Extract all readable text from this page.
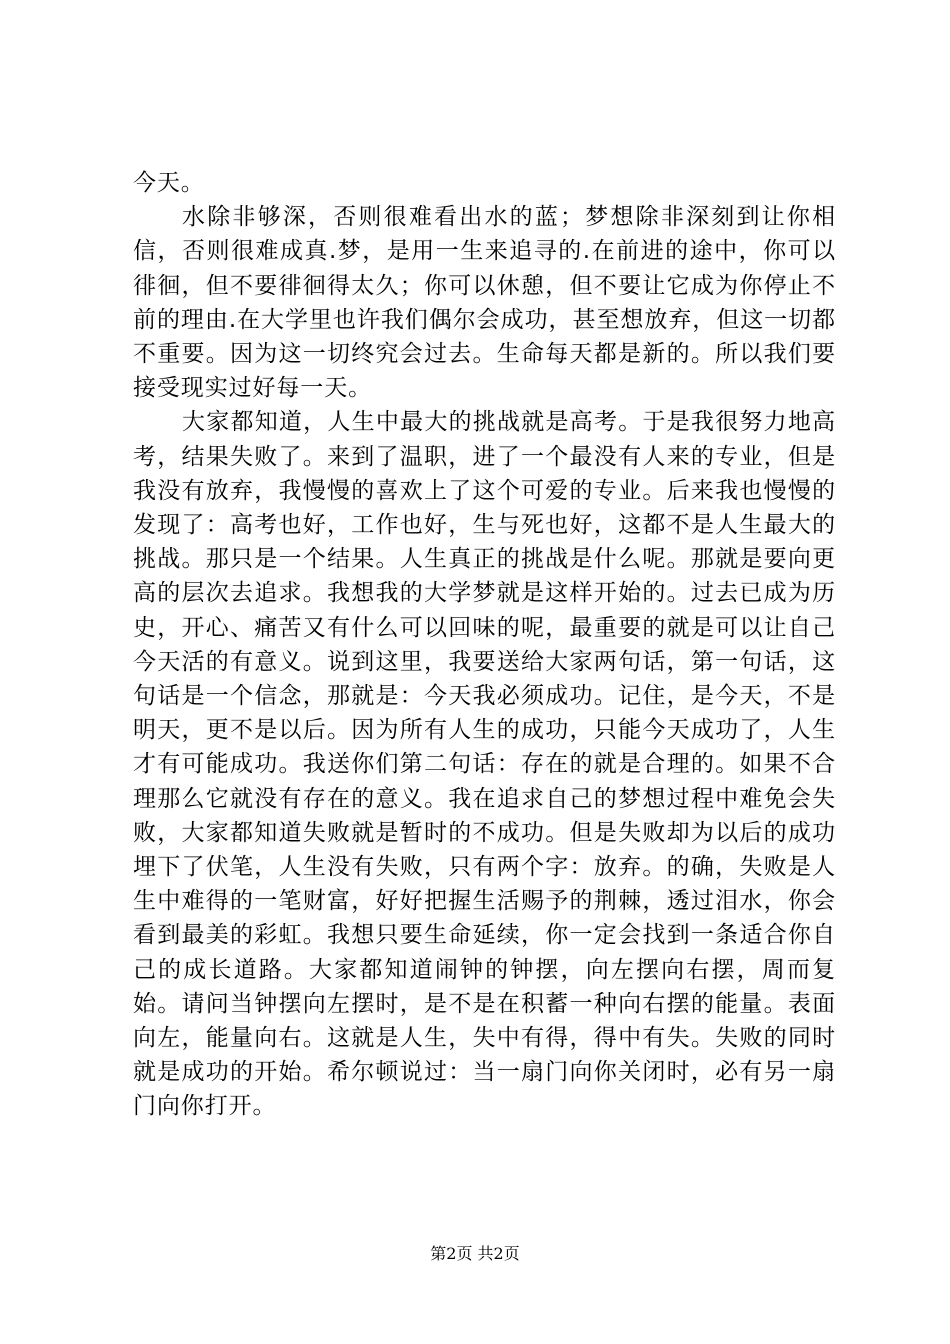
今天。

水除非够深，否则很难看出水的蓝；梦想除非深刻到让你相信，否则很难成真.梦，是用一生来追寻的.在前进的途中，你可以徘徊，但不要徘徊得太久；你可以休憩，但不要让它成为你停止不前的理由.在大学里也许我们偶尔会成功，甚至想放弃，但这一切都不重要。因为这一切终究会过去。生命每天都是新的。所以我们要接受现实过好每一天。

大家都知道，人生中最大的挑战就是高考。于是我很努力地高考，结果失败了。来到了温职，进了一个最没有人来的专业，但是我没有放弃，我慢慢的喜欢上了这个可爱的专业。后来我也慢慢的发现了：高考也好，工作也好，生与死也好，这都不是人生最大的挑战。那只是一个结果。人生真正的挑战是什么呢。那就是要向更高的层次去追求。我想我的大学梦就是这样开始的。过去已成为历史，开心、痛苦又有什么可以回味的呢，最重要的就是可以让自己今天活的有意义。说到这里，我要送给大家两句话，第一句话，这句话是一个信念，那就是：今天我必须成功。记住，是今天，不是明天，更不是以后。因为所有人生的成功，只能今天成功了，人生才有可能成功。我送你们第二句话：存在的就是合理的。如果不合理那么它就没有存在的意义。我在追求自己的梦想过程中难免会失败，大家都知道失败就是暂时的不成功。但是失败却为以后的成功埋下了伏笔，人生没有失败，只有两个字：放弃。的确，失败是人生中难得的一笔财富，好好把握生活赐予的荆棘，透过泪水，你会看到最美的彩虹。我想只要生命延续，你一定会找到一条适合你自己的成长道路。大家都知道闹钟的钟摆，向左摆向右摆，周而复始。请问当钟摆向左摆时，是不是在积蓄一种向右摆的能量。表面向左，能量向右。这就是人生，失中有得，得中有失。失败的同时就是成功的开始。希尔顿说过：当一扇门向你关闭时，必有另一扇门向你打开。

第2页 共2页
